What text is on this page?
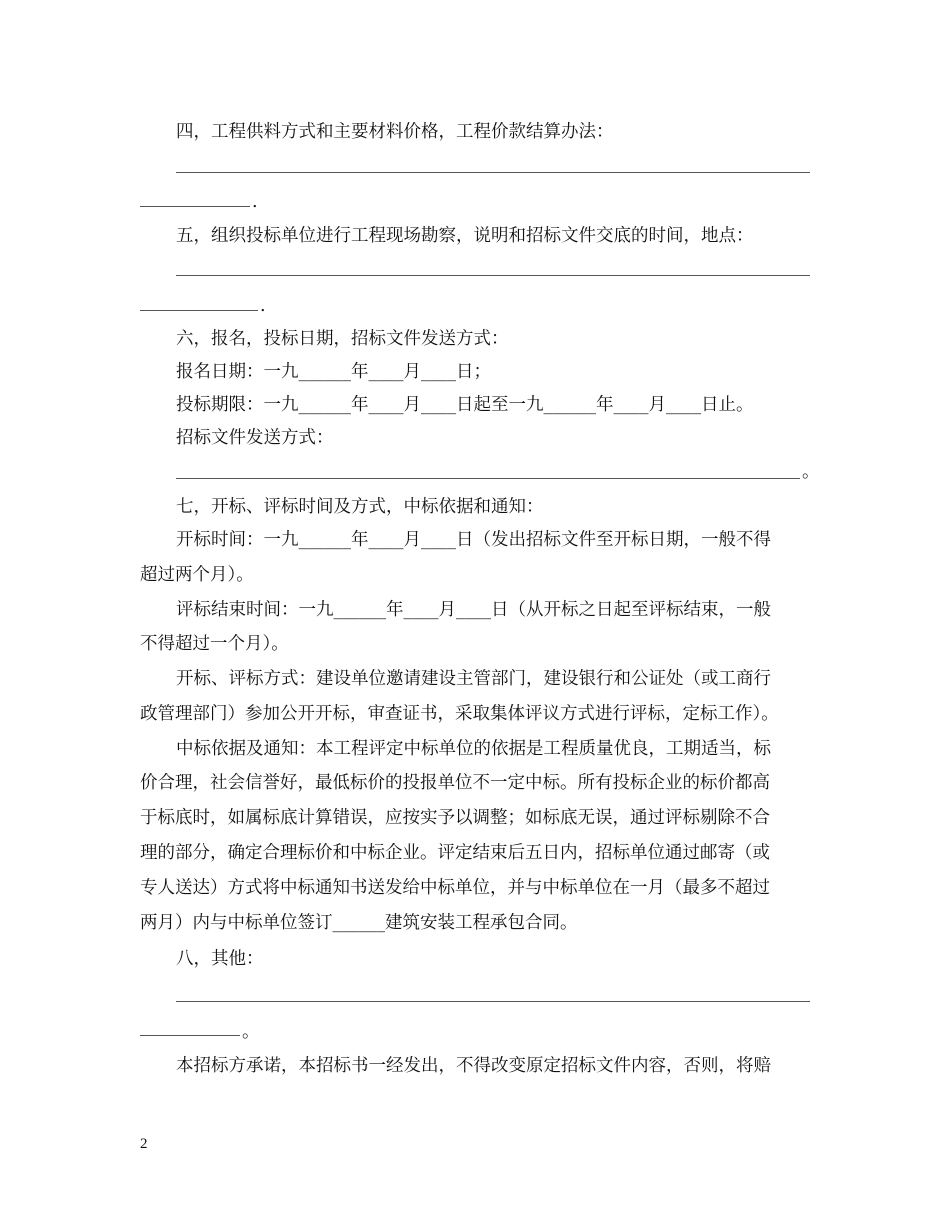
四，工程供料方式和主要材料价格，工程价款结算办法：
.
五，组织投标单位进行工程现场勘察，说明和招标文件交底的时间，地点：
.
六，报名，投标日期，招标文件发送方式：
报名日期：一九______年____月____日；
投标期限：一九______年____月____日起至一九______年____月____日止。
招标文件发送方式：
。
七，开标、评标时间及方式，中标依据和通知：
开标时间：一九______年____月____日（发出招标文件至开标日期，一般不得
超过两个月）。
评标结束时间：一九______年____月____日（从开标之日起至评标结束，一般
不得超过一个月）。
开标、评标方式：建设单位邀请建设主管部门，建设银行和公证处（或工商行
政管理部门）参加公开开标，审查证书，采取集体评议方式进行评标，定标工作）。
中标依据及通知：本工程评定中标单位的依据是工程质量优良，工期适当，标
价合理，社会信誉好，最低标价的投报单位不一定中标。所有投标企业的标价都高
于标底时，如属标底计算错误，应按实予以调整；如标底无误，通过评标剔除不合
理的部分，确定合理标价和中标企业。评定结束后五日内，招标单位通过邮寄（或
专人送达）方式将中标通知书送发给中标单位，并与中标单位在一月（最多不超过
两月）内与中标单位签订______建筑安装工程承包合同。
八，其他：
。
本招标方承诺，本招标书一经发出，不得改变原定招标文件内容，否则，将赔
2
